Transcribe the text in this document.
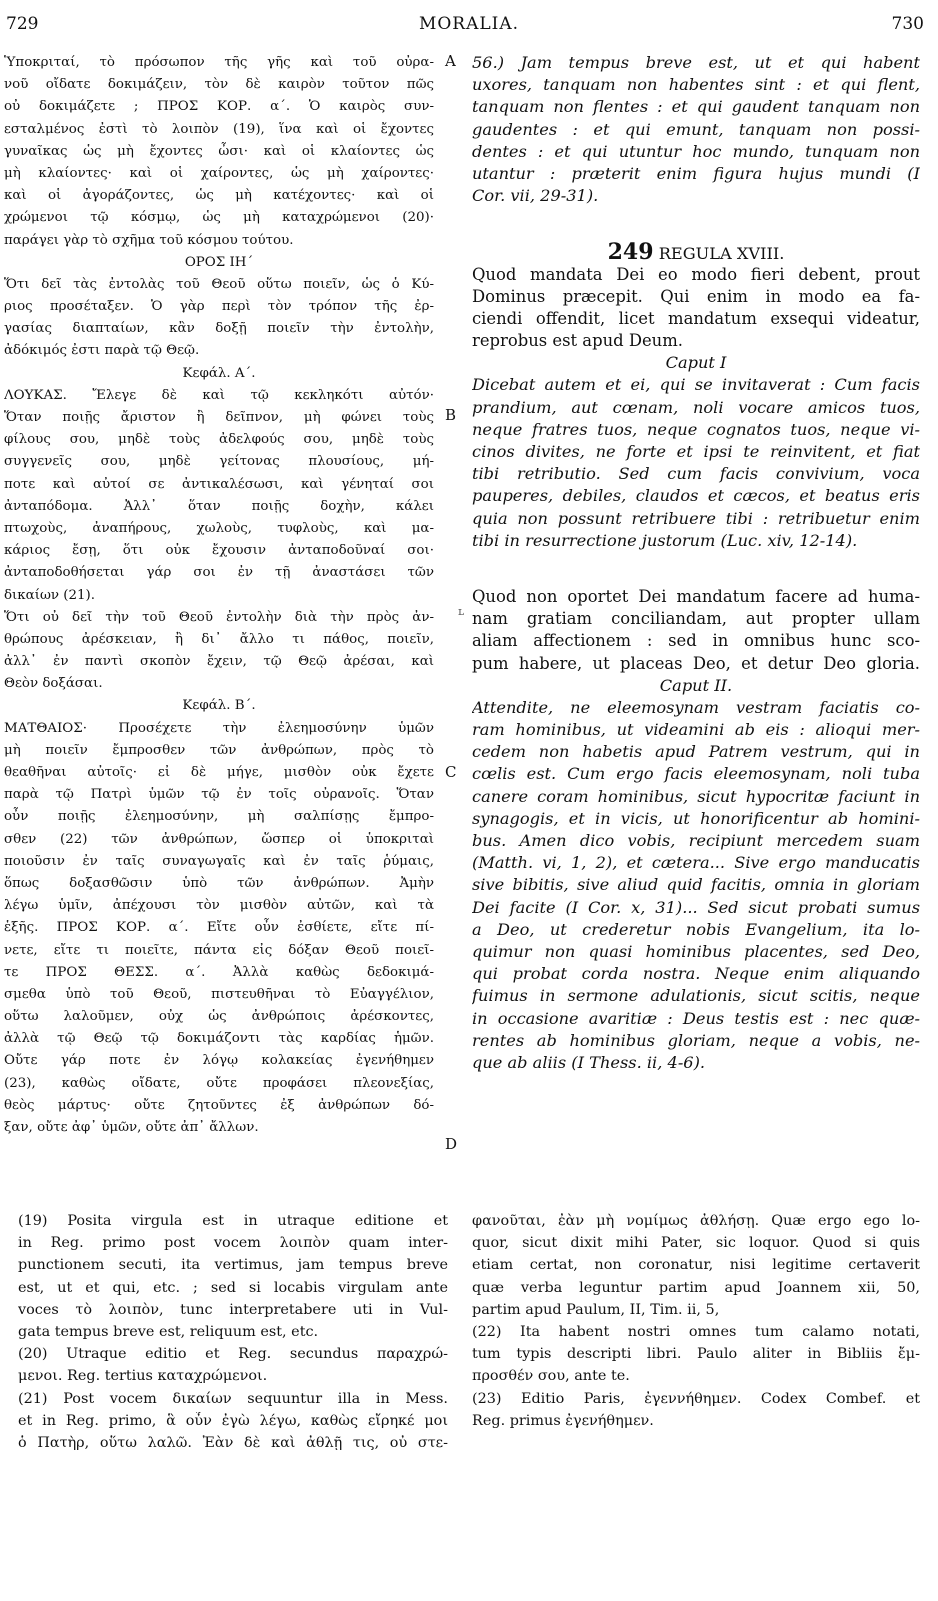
729	MORALIA.	730
A
B
C
D
Ὑποκριταί, τὸ πρόσωπον τῆς γῆς καὶ τοῦ οὐρα-
νοῦ οἴδατε δοκιμάζειν, τὸν δὲ καιρὸν τοῦτον πῶς
οὐ δοκιμάζετε ; ΠΡΟΣ ΚΟΡ. α΄. Ὁ καιρὸς συν-
εσταλμένος ἐστὶ τὸ λοιπὸν (19), ἵνα καὶ οἱ ἔχοντες
γυναῖκας ὡς μὴ ἔχοντες ὦσι· καὶ οἱ κλαίοντες ὡς
μὴ κλαίοντες· καὶ οἱ χαίροντες, ὡς μὴ χαίροντες·
καὶ οἱ ἀγοράζοντες, ὡς μὴ κατέχοντες· καὶ οἱ
χρώμενοι τῷ κόσμῳ, ὡς μὴ καταχρώμενοι (20)·
παράγει γὰρ τὸ σχῆμα τοῦ κόσμου τούτου.
ΟΡΟΣ ΙΗ΄
Ὅτι δεῖ τὰς ἐντολὰς τοῦ Θεοῦ οὕτω ποιεῖν, ὡς ὁ Κύ-
ριος προσέταξεν. Ὁ γὰρ περὶ τὸν τρόπον τῆς ἐρ-
γασίας διαπταίων, κἂν δοξῇ ποιεῖν τὴν ἐντολὴν,
ἀδόκιμός ἐστι παρὰ τῷ Θεῷ.
Κεφάλ. Α΄.
ΛΟΥΚΑΣ. Ἔλεγε δὲ καὶ τῷ κεκληκότι αὐτόν·
Ὅταν ποιῇς ἄριστον ἢ δεῖπνον, μὴ φώνει τοὺς
φίλους σου, μηδὲ τοὺς ἀδελφούς σου, μηδὲ τοὺς
συγγενεῖς σου, μηδὲ γείτονας πλουσίους, μή-
ποτε καὶ αὐτοί σε ἀντικαλέσωσι, καὶ γένηταί σοι
ἀνταπόδομα. Ἀλλ᾽ ὅταν ποιῇς δοχὴν, κάλει
πτωχοὺς, ἀναπήρους, χωλοὺς, τυφλοὺς, καὶ μα-
κάριος ἔσῃ, ὅτι οὐκ ἔχουσιν ἀνταποδοῦναί σοι·
ἀνταποδοθήσεται γάρ σοι ἐν τῇ ἀναστάσει τῶν
δικαίων (21).
Ὅτι οὐ δεῖ τὴν τοῦ Θεοῦ ἐντολὴν διὰ τὴν πρὸς ἀν-
θρώπους ἀρέσκειαν, ἢ δι᾽ ἄλλο τι πάθος, ποιεῖν,
ἀλλ᾽ ἐν παντὶ σκοπὸν ἔχειν, τῷ Θεῷ ἀρέσαι, καὶ
Θεὸν δοξάσαι.
Κεφάλ. Β΄.
ΜΑΤΘΑΙΟΣ· Προσέχετε τὴν ἐλεημοσύνην ὑμῶν
μὴ ποιεῖν ἔμπροσθεν τῶν ἀνθρώπων, πρὸς τὸ
θεαθῆναι αὐτοῖς· εἰ δὲ μήγε, μισθὸν οὐκ ἔχετε
παρὰ τῷ Πατρὶ ὑμῶν τῷ ἐν τοῖς οὐρανοῖς. Ὅταν
οὖν ποιῇς ἐλεημοσύνην, μὴ σαλπίσῃς ἔμπρο-
σθεν (22) τῶν ἀνθρώπων, ὥσπερ οἱ ὑποκριταὶ
ποιοῦσιν ἐν ταῖς συναγωγαῖς καὶ ἐν ταῖς ῥύμαις,
ὅπως δοξασθῶσιν ὑπὸ τῶν ἀνθρώπων. Ἀμὴν
λέγω ὑμῖν, ἀπέχουσι τὸν μισθὸν αὐτῶν, καὶ τὰ
ἑξῆς. ΠΡΟΣ ΚΟΡ. α΄. Εἴτε οὖν ἐσθίετε, εἴτε πί-
νετε, εἴτε τι ποιεῖτε, πάντα εἰς δόξαν Θεοῦ ποιεῖ-
τε ΠΡΟΣ ΘΕΣΣ. α΄. Ἀλλὰ καθὼς δεδοκιμά-
σμεθα ὑπὸ τοῦ Θεοῦ, πιστευθῆναι τὸ Εὐαγγέλιον,
οὕτω λαλοῦμεν, οὐχ ὡς ἀνθρώποις ἀρέσκοντες,
ἀλλὰ τῷ Θεῷ τῷ δοκιμάζοντι τὰς καρδίας ἡμῶν.
Οὔτε γάρ ποτε ἐν λόγῳ κολακείας ἐγενήθημεν
(23), καθὼς οἴδατε, οὔτε προφάσει πλεονεξίας,
θεὸς μάρτυς· οὔτε ζητοῦντες ἐξ ἀνθρώπων δό-
ξαν, οὔτε ἀφ᾽ ὑμῶν, οὔτε ἀπ᾽ ἄλλων.
56.) Jam tempus breve est, ut et qui habent
uxores, tanquam non habentes sint : et qui flent,
tanquam non flentes : et qui gaudent tanquam non
gaudentes : et qui emunt, tanquam non possi-
dentes : et qui utuntur hoc mundo, tunquam non
utantur : prӕterit enim figura hujus mundi (I
Cor. vii, 29-31).
249 REGULA XVIII.
Quod mandata Dei eo modo fieri debent, prout
Dominus prӕcepit. Qui enim in modo ea fa-
ciendi offendit, licet mandatum exsequi videatur,
reprobus est apud Deum.
Caput I
Dicebat autem et ei, qui se invitaverat : Cum facis
prandium, aut cœnam, noli vocare amicos tuos,
neque fratres tuos, neque cognatos tuos, neque vi-
cinos divites, ne forte et ipsi te reinvitent, et fiat
tibi retributio. Sed cum facis convivium, voca
pauperes, debiles, claudos et cæcos, et beatus eris
quia non possunt retribuere tibi : retribuetur enim
tibi in resurrectione justorum (Luc. xiv, 12-14).
Quod non oportet Dei mandatum facere ad huma-
nam gratiam conciliandam, aut propter ullam
aliam affectionem : sed in omnibus hunc sco-
pum habere, ut placeas Deo, et detur Deo gloria.
Caput II.
Attendite, ne eleemosynam vestram faciatis co-
ram hominibus, ut videamini ab eis : alioqui mer-
cedem non habetis apud Patrem vestrum, qui in
cœlis est. Cum ergo facis eleemosynam, noli tuba
canere coram hominibus, sicut hypocritæ faciunt in
synagogis, et in vicis, ut honorificentur ab homini-
bus. Amen dico vobis, recipiunt mercedem suam
(Matth. vi, 1, 2), et cætera... Sive ergo manducatis
sive bibitis, sive aliud quid facitis, omnia in gloriam
Dei facite (I Cor. x, 31)... Sed sicut probati sumus
a Deo, ut crederetur nobis Evangelium, ita lo-
quimur non quasi hominibus placentes, sed Deo,
qui probat corda nostra. Neque enim aliquando
fuimus in sermone adulationis, sicut scitis, neque
in occasione avaritiæ : Deus testis est : nec quæ-
rentes ab hominibus gloriam, neque a vobis, ne-
que ab aliis (I Thess. ii, 4-6).
ʟ
(19) Posita virgula est in utraque editione et
in Reg. primo post vocem λοιπὸν quam inter-
punctionem secuti, ita vertimus, jam tempus breve
est, ut et qui, etc. ; sed si locabis virgulam ante
voces τὸ λοιπὸν, tunc interpretabere uti in Vul-
gata tempus breve est, reliquum est, etc.
(20) Utraque editio et Reg. secundus παραχρώ-
μενοι. Reg. tertius καταχρώμενοι.
(21) Post vocem δικαίων sequuntur illa in Mess.
et in Reg. primo, ἃ οὖν ἐγὼ λέγω, καθὼς εἴρηκέ μοι
ὁ Πατὴρ, οὕτω λαλῶ. Ἐὰν δὲ καὶ ἀθλῇ τις, οὐ στε-
φανοῦται, ἐὰν μὴ νομίμως ἀθλήσῃ. Quæ ergo ego lo-
quor, sicut dixit mihi Pater, sic loquor. Quod si quis
etiam certat, non coronatur, nisi legitime certaverit
quæ verba leguntur partim apud Joannem xii, 50,
partim apud Paulum, II, Tim. ii, 5,
(22) Ita habent nostri omnes tum calamo notati,
tum typis descripti libri. Paulo aliter in Bibliis ἔμ-
προσθέν σου, ante te.
(23) Editio Paris, ἐγεννήθημεν. Codex Combef. et
Reg. primus ἐγενήθημεν.
